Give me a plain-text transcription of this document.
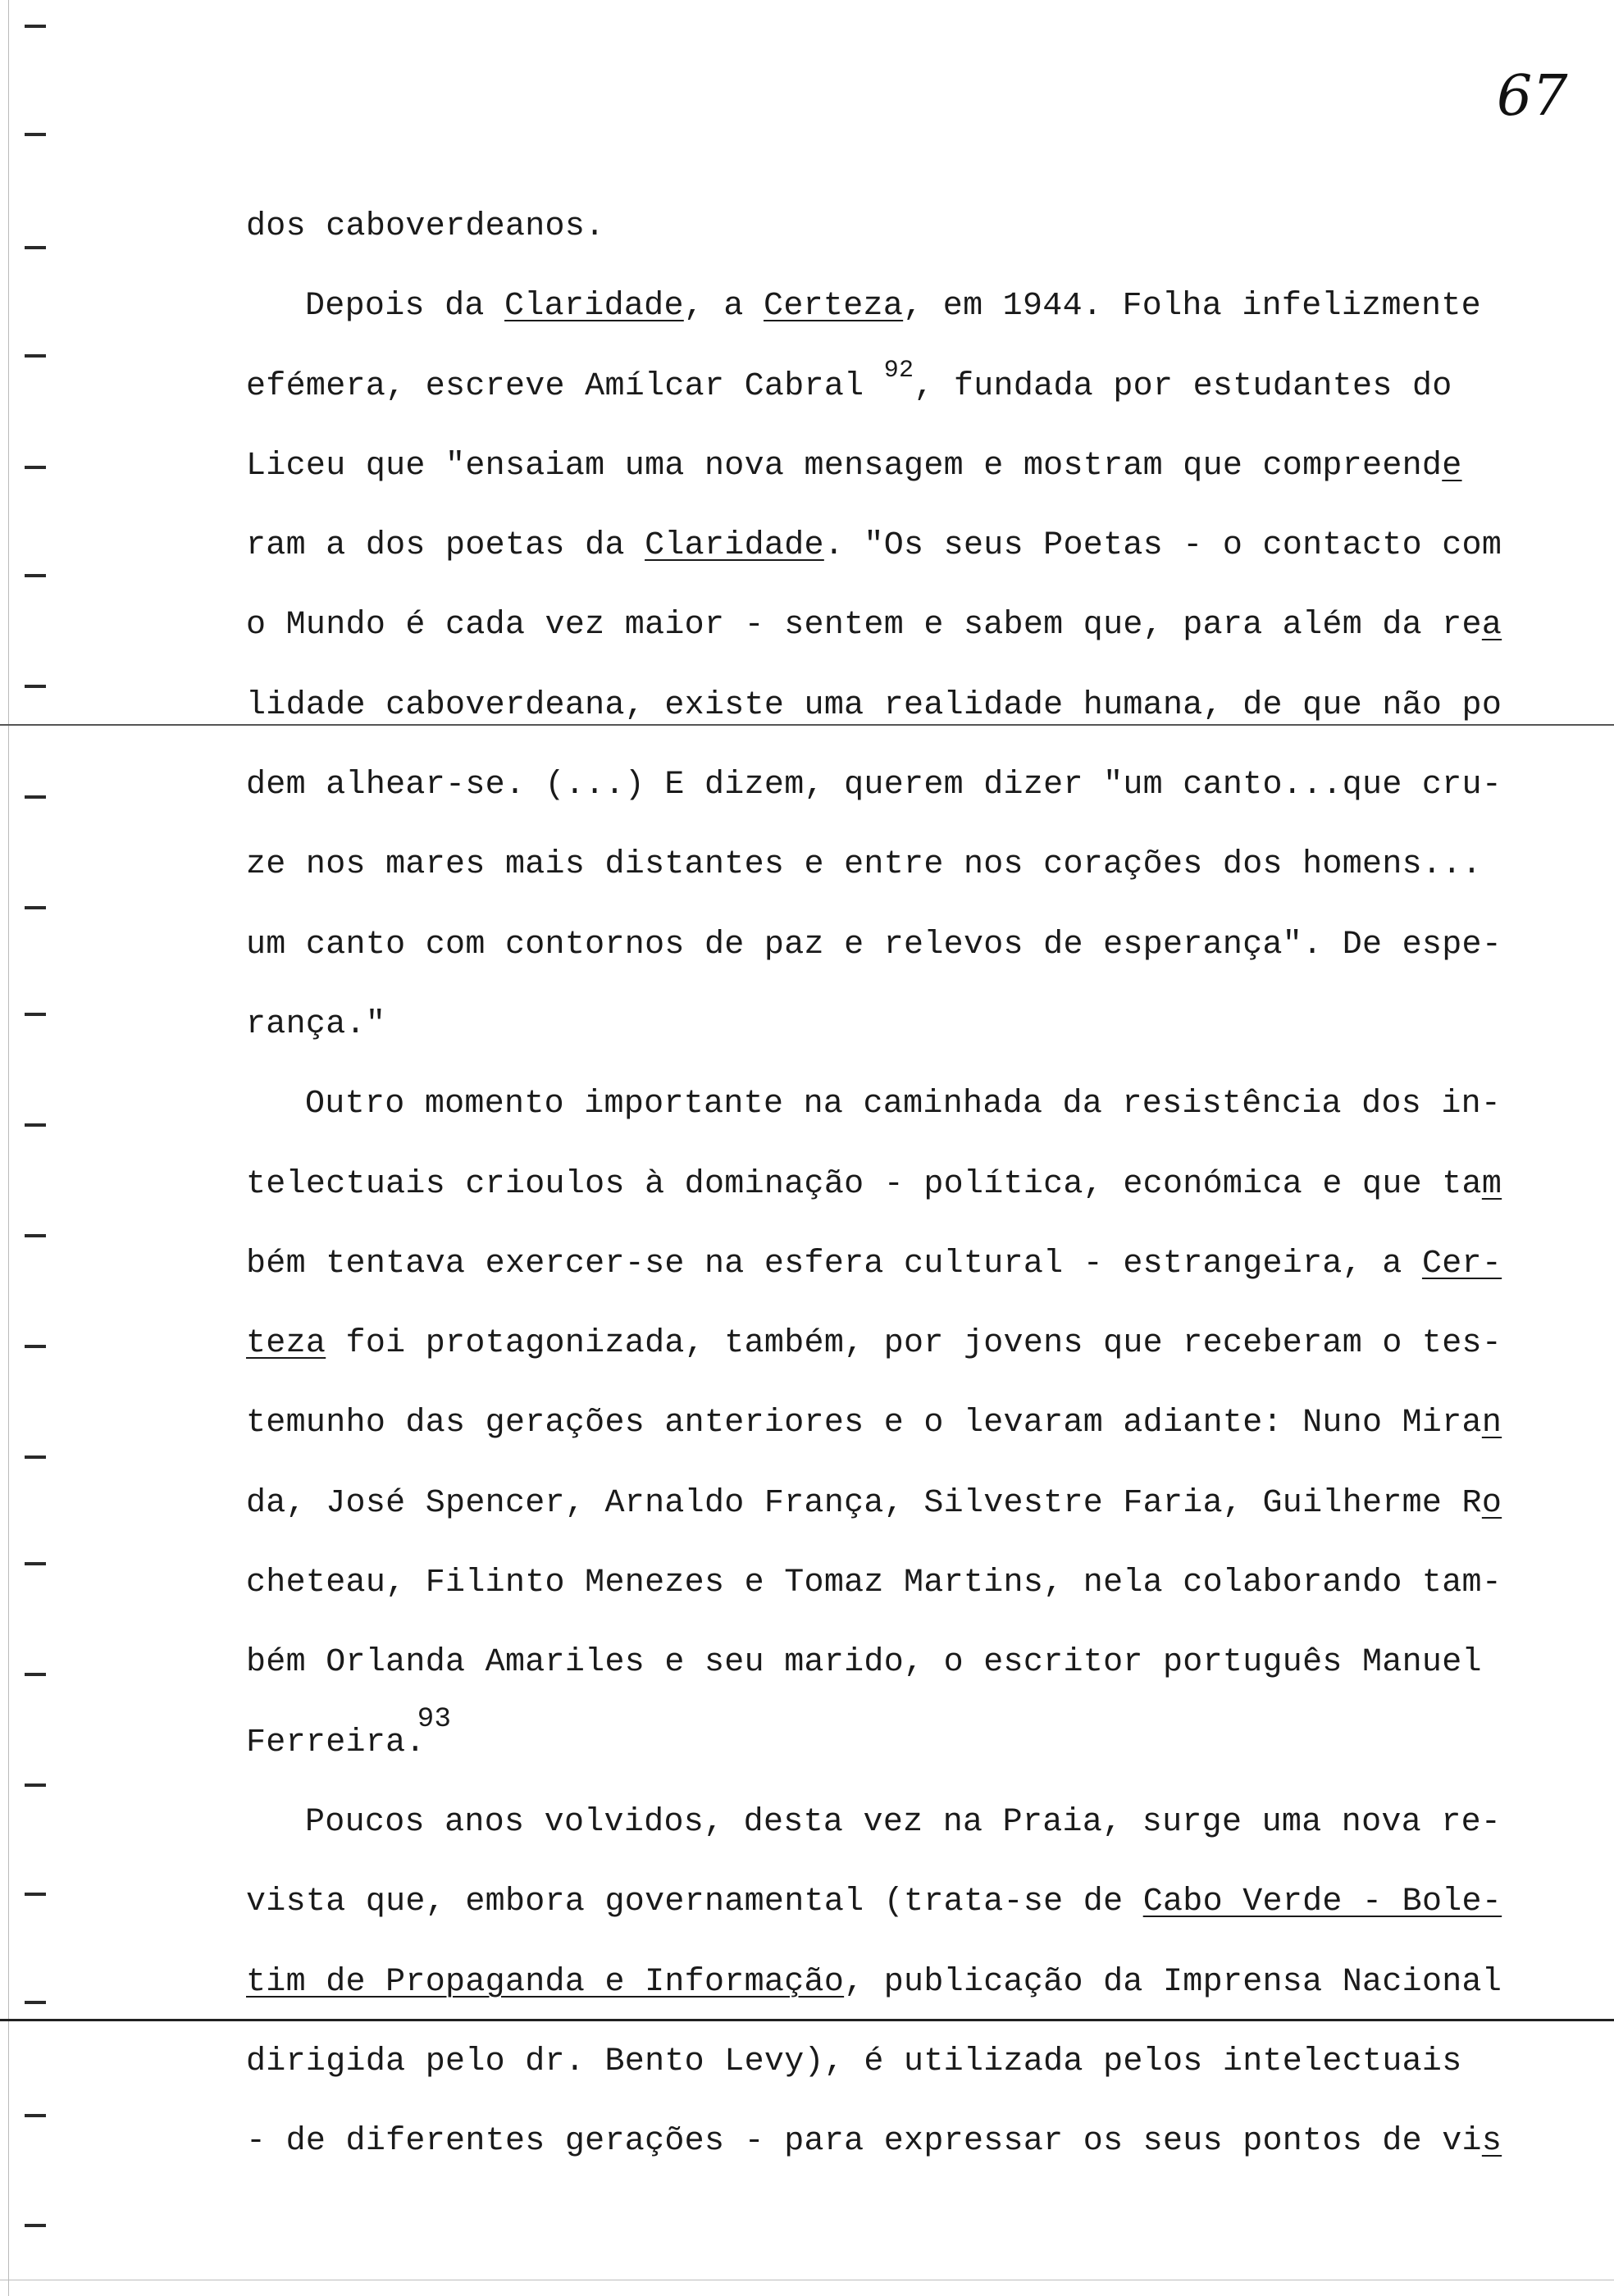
67
dos caboverdeanos.
Depois da Claridade, a Certeza, em 1944. Folha infelizmente
efémera, escreve Amílcar Cabral $^{92}$, fundada por estudantes do
Liceu que "ensaiam uma nova mensagem e mostram que compreende
ram a dos poetas da Claridade. "Os seus Poetas - o contacto com
o Mundo é cada vez maior - sentem e sabem que, para além da rea
lidade caboverdeana, existe uma realidade humana, de que não po
dem alhear-se. (...) E dizem, querem dizer "um canto...que cru-
ze nos mares mais distantes e entre nos corações dos homens...
um canto com contornos de paz e relevos de esperança". De espe-
rança."
Outro momento importante na caminhada da resistência dos in-
telectuais crioulos à dominação - política, económica e que tam
bém tentava exercer-se na esfera cultural - estrangeira, a Cer-
teza foi protagonizada, também, por jovens que receberam o tes-
temunho das gerações anteriores e o levaram adiante: Nuno Miran
da, José Spencer, Arnaldo França, Silvestre Faria, Guilherme Ro
cheteau, Filinto Menezes e Tomaz Martins, nela colaborando tam-
bém Orlanda Amariles e seu marido, o escritor português Manuel
Ferreira.$^{93}$
Poucos anos volvidos, desta vez na Praia, surge uma nova re-
vista que, embora governamental (trata-se de Cabo Verde - Bole-
tim de Propaganda e Informação, publicação da Imprensa Nacional
dirigida pelo dr. Bento Levy), é utilizada pelos intelectuais
- de diferentes gerações - para expressar os seus pontos de vis
